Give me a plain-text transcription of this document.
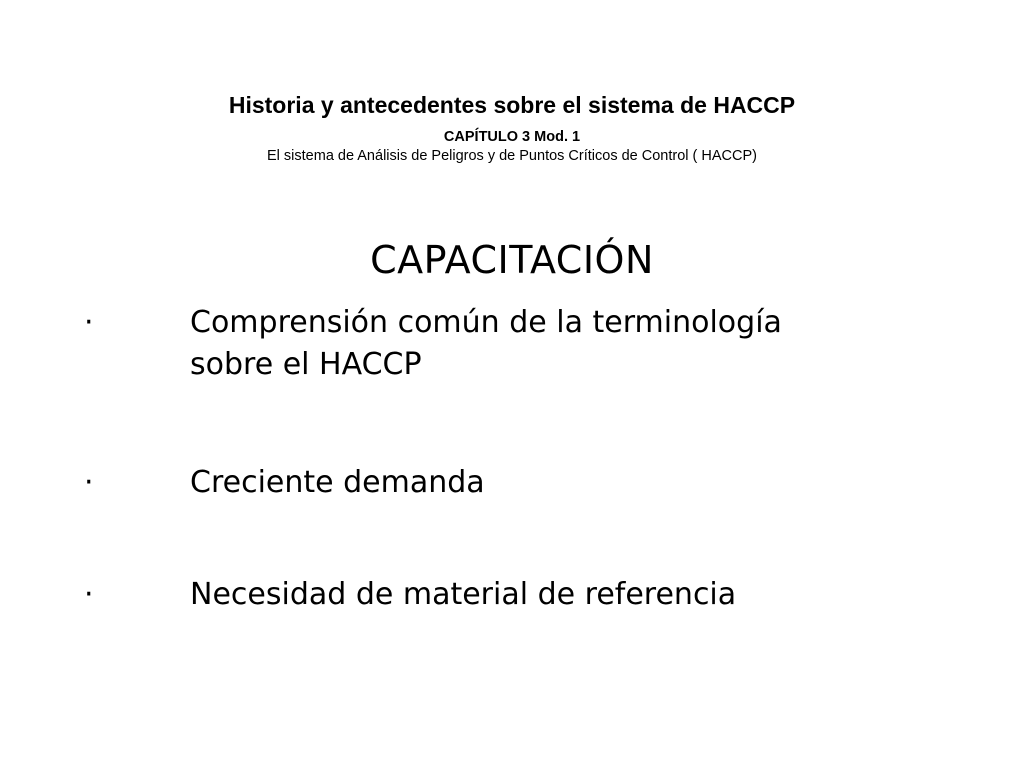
Historia y antecedentes sobre el sistema de HACCP
CAPÍTULO 3 Mod. 1
El sistema de Análisis de Peligros y de Puntos Críticos de Control ( HACCP)
CAPACITACIÓN
·	Comprensión común de la terminología
sobre el HACCP
·	Creciente demanda
·	Necesidad de material de referencia
